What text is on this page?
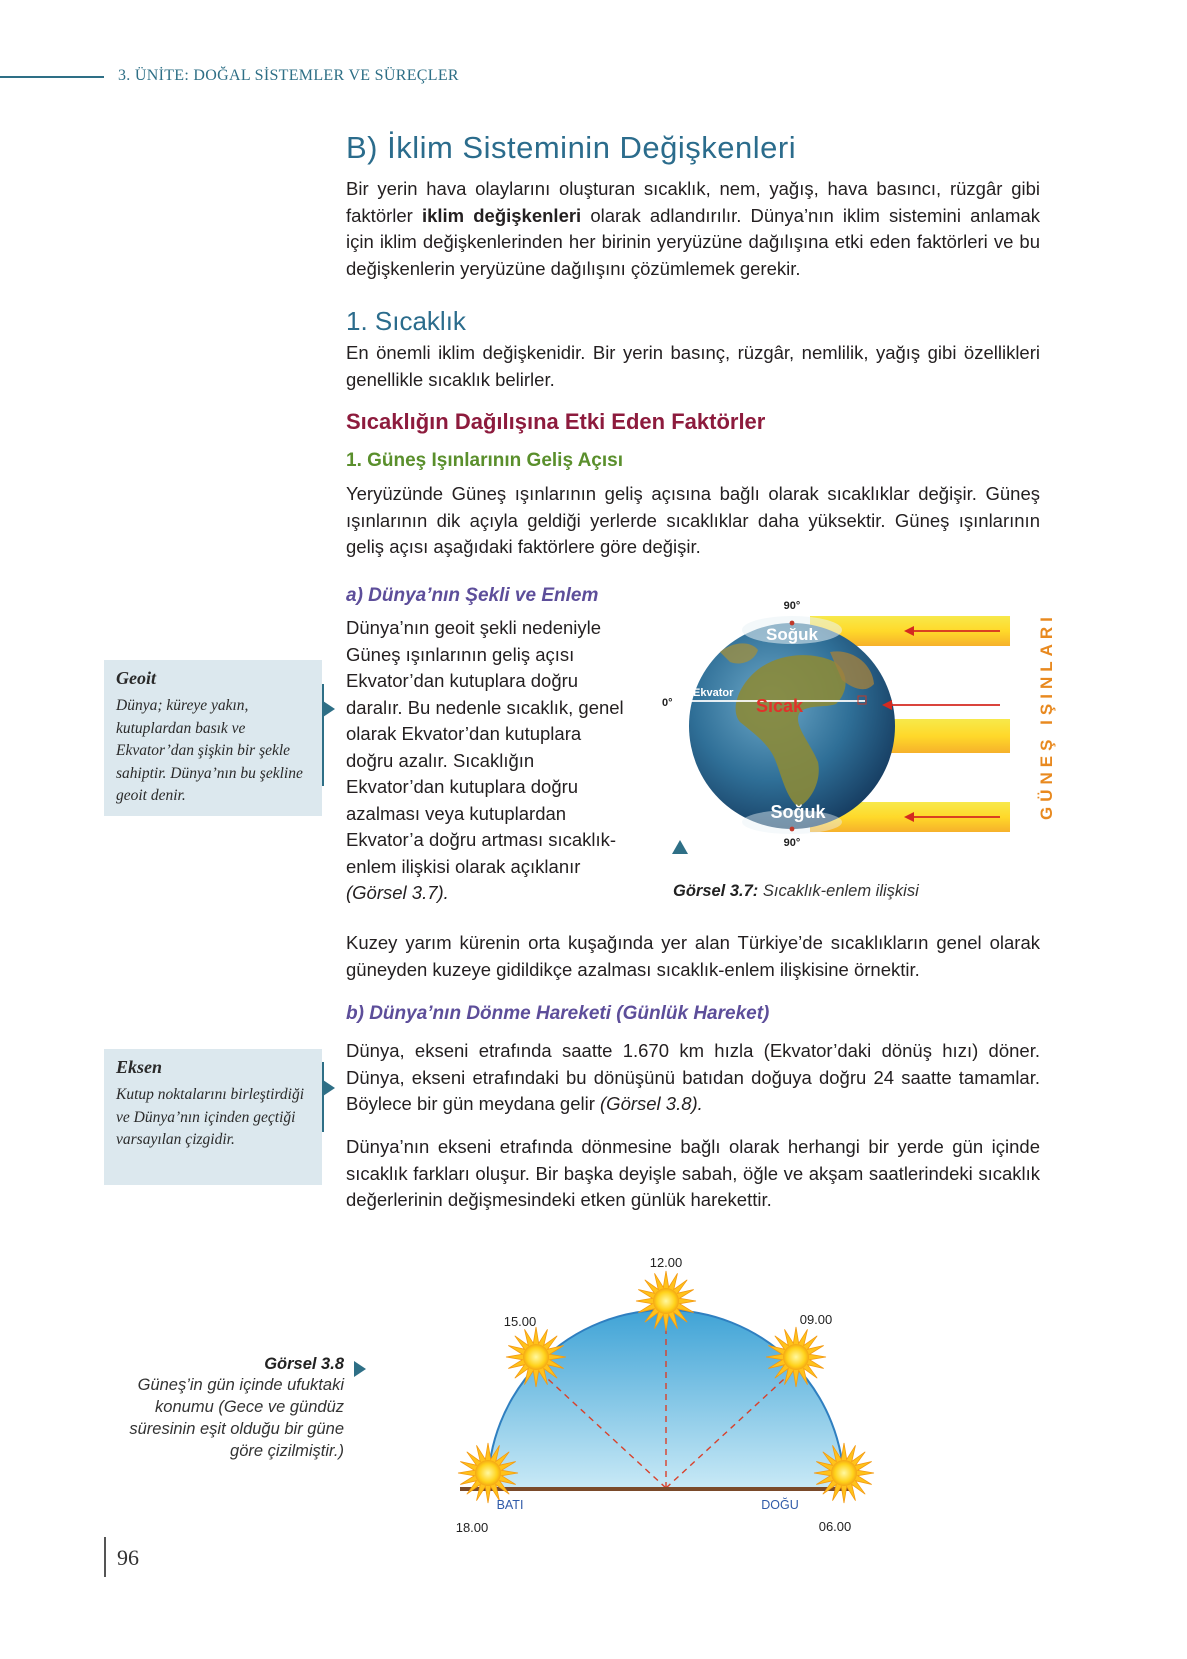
3. ÜNİTE: DOĞAL SİSTEMLER VE SÜREÇLER
B) İklim Sisteminin Değişkenleri
Bir yerin hava olaylarını oluşturan sıcaklık, nem, yağış, hava basıncı, rüzgâr gibi faktörler iklim değişkenleri olarak adlandırılır. Dünya’nın iklim sistemini anlamak için iklim değişkenlerinden her birinin yeryüzüne dağılışına etki eden faktörleri ve bu değişkenlerin yeryüzüne dağılışını çözümlemek gerekir.
1. Sıcaklık
En önemli iklim değişkenidir. Bir yerin basınç, rüzgâr, nemlilik, yağış gibi özellikleri genellikle sıcaklık belirler.
Sıcaklığın Dağılışına Etki Eden Faktörler
1. Güneş Işınlarının Geliş Açısı
Yeryüzünde Güneş ışınlarının geliş açısına bağlı olarak sıcaklıklar değişir. Güneş ışınlarının dik açıyla geldiği yerlerde sıcaklıklar daha yüksektir. Güneş ışınlarının geliş açısı aşağıdaki faktörlere göre değişir.
a) Dünya’nın Şekli ve Enlem
Dünya’nın geoit şekli nedeniyle Güneş ışınlarının geliş açısı Ekvator’dan kutuplara doğru daralır. Bu nedenle sıcaklık, genel olarak Ekvator’dan kutuplara doğru azalır. Sıcaklığın Ekvator’dan kutuplara doğru azalması veya kutuplardan Ekvator’a doğru artması sıcaklık-enlem ilişkisi olarak açıklanır (Görsel 3.7).
Geoit
Dünya; küreye yakın, kutuplardan basık ve Ekvator’dan şişkin bir şekle sahiptir. Dünya’nın bu şekline geoit denir.
90°
90°
0°
Soğuk
Soğuk
Sıcak
Ekvator	GÜNEŞ IŞINLARI
Görsel 3.7: Sıcaklık-enlem ilişkisi
Kuzey yarım kürenin orta kuşağında yer alan Türkiye’de sıcaklıkların genel olarak güneyden kuzeye gidildikçe azalması sıcaklık-enlem ilişkisine örnektir.
b) Dünya’nın Dönme Hareketi (Günlük Hareket)
Dünya, ekseni etrafında saatte 1.670 km hızla (Ekvator’daki dönüş hızı) döner. Dünya, ekseni etrafındaki bu dönüşünü batıdan doğuya doğru 24 saatte tamamlar. Böylece bir gün meydana gelir (Görsel 3.8).
Dünya’nın ekseni etrafında dönmesine bağlı olarak herhangi bir yerde gün içinde sıcaklık farkları oluşur. Bir başka deyişle sabah, öğle ve akşam saatlerindeki sıcaklık değerlerinin değişmesindeki etken günlük harekettir.
Eksen
Kutup noktalarını birleştirdiği ve Dünya’nın içinden geçtiği varsayılan çizgidir.
Görsel 3.8
Güneş’in gün içinde ufuktaki konumu (Gece ve gündüz süresinin eşit olduğu bir güne göre çizilmiştir.)
12.00
15.00	09.00
18.00	06.00
BATI	DOĞU
96
